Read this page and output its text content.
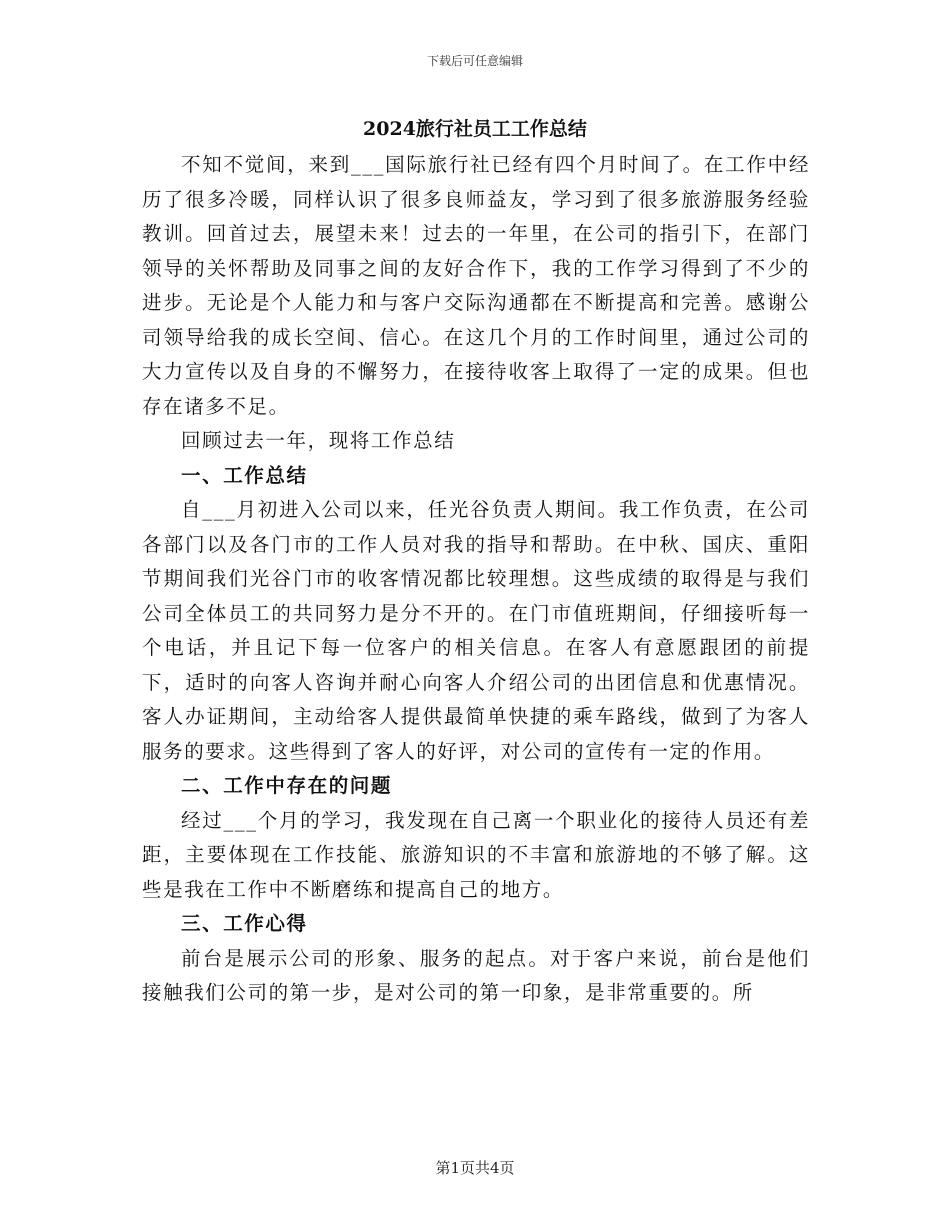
下载后可任意编辑
2024旅行社员工工作总结

不知不觉间，来到___国际旅行社已经有四个月时间了。在工作中经历了很多冷暖，同样认识了很多良师益友，学习到了很多旅游服务经验教训。回首过去，展望未来！过去的一年里，在公司的指引下，在部门领导的关怀帮助及同事之间的友好合作下，我的工作学习得到了不少的进步。无论是个人能力和与客户交际沟通都在不断提高和完善。感谢公司领导给我的成长空间、信心。在这几个月的工作时间里，通过公司的大力宣传以及自身的不懈努力，在接待收客上取得了一定的成果。但也存在诸多不足。

回顾过去一年，现将工作总结

一、工作总结

自___月初进入公司以来，任光谷负责人期间。我工作负责，在公司各部门以及各门市的工作人员对我的指导和帮助。在中秋、国庆、重阳节期间我们光谷门市的收客情况都比较理想。这些成绩的取得是与我们公司全体员工的共同努力是分不开的。在门市值班期间，仔细接听每一个电话，并且记下每一位客户的相关信息。在客人有意愿跟团的前提下，适时的向客人咨询并耐心向客人介绍公司的出团信息和优惠情况。客人办证期间，主动给客人提供最简单快捷的乘车路线，做到了为客人服务的要求。这些得到了客人的好评，对公司的宣传有一定的作用。

二、工作中存在的问题

经过___个月的学习，我发现在自己离一个职业化的接待人员还有差距，主要体现在工作技能、旅游知识的不丰富和旅游地的不够了解。这些是我在工作中不断磨练和提高自己的地方。

三、工作心得

前台是展示公司的形象、服务的起点。对于客户来说，前台是他们接触我们公司的第一步，是对公司的第一印象，是非常重要的。所

第1页共4页
